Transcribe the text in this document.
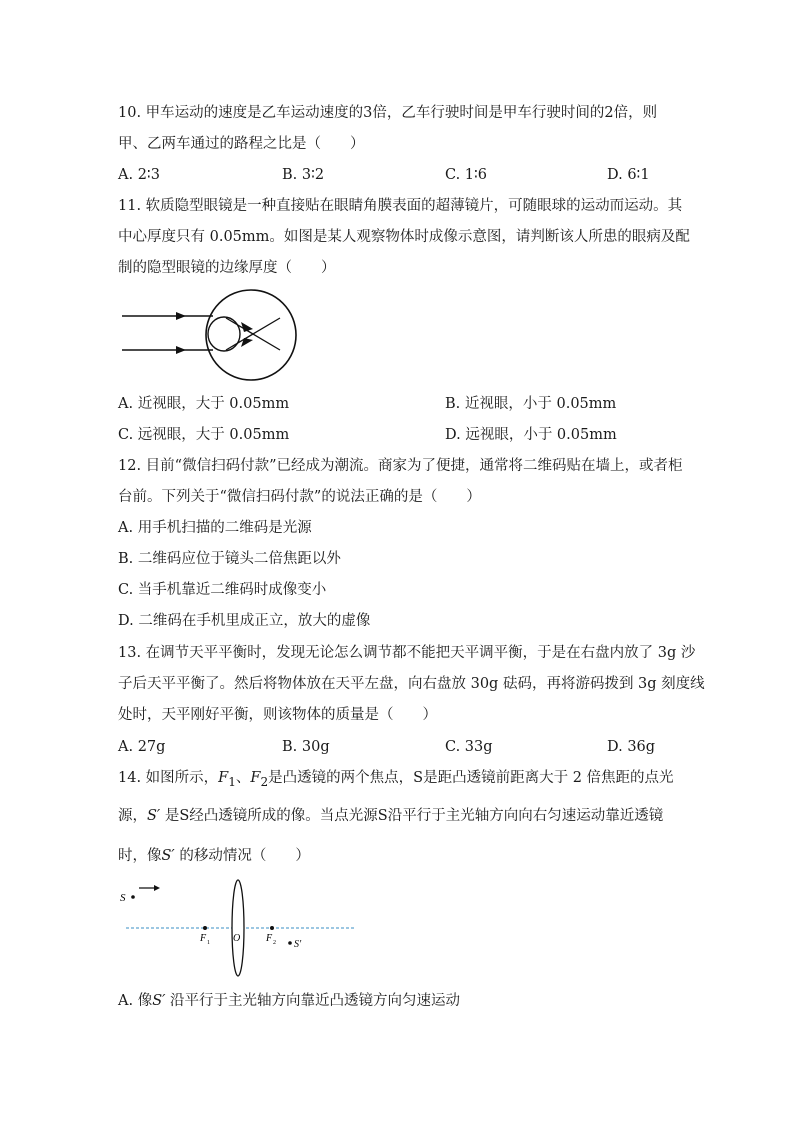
10. 甲车运动的速度是乙车运动速度的3倍，乙车行驶时间是甲车行驶时间的2倍，则
甲、乙两车通过的路程之比是（　　）
A. 2∶3	B. 3∶2	C. 1∶6	D. 6∶1
11. 软质隐型眼镜是一种直接贴在眼睛角膜表面的超薄镜片，可随眼球的运动而运动。其
中心厚度只有 0.05mm。如图是某人观察物体时成像示意图，请判断该人所患的眼病及配
制的隐型眼镜的边缘厚度（　　）
A. 近视眼，大于 0.05mm	B. 近视眼，小于 0.05mm
C. 远视眼，大于 0.05mm	D. 远视眼，小于 0.05mm
12. 目前“微信扫码付款”已经成为潮流。商家为了便捷，通常将二维码贴在墙上，或者柜
台前。下列关于“微信扫码付款”的说法正确的是（　　）
A. 用手机扫描的二维码是光源
B. 二维码应位于镜头二倍焦距以外
C. 当手机靠近二维码时成像变小
D. 二维码在手机里成正立，放大的虚像
13. 在调节天平平衡时，发现无论怎么调节都不能把天平调平衡，于是在右盘内放了 3g 沙
子后天平平衡了。然后将物体放在天平左盘，向右盘放 30g 砝码，再将游码拨到 3g 刻度线
处时，天平刚好平衡，则该物体的质量是（　　）
A. 27g	B. 30g	C. 33g	D. 36g
14. 如图所示，$F_1$、$F_2$是凸透镜的两个焦点，S是距凸透镜前距离大于 2 倍焦距的点光
源，S′ 是S经凸透镜所成的像。当点光源S沿平行于主光轴方向向右匀速运动靠近透镜
时，像S′ 的移动情况（　　）
S
F 1 O	F 2 S′
A. 像S′ 沿平行于主光轴方向靠近凸透镜方向匀速运动
